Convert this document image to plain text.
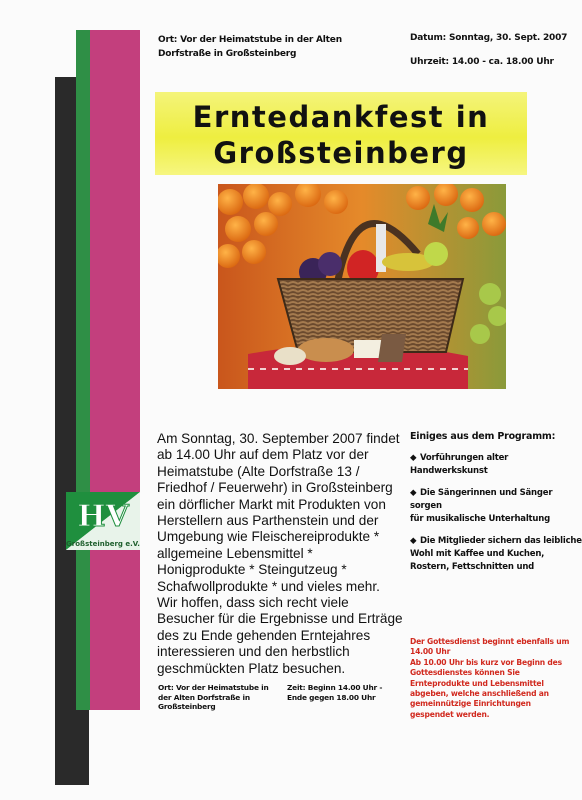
Ort: Vor der Heimatstube in der Alten Dorfstraße in Großsteinberg
Datum: Sonntag, 30. Sept. 2007
Uhrzeit: 14.00 - ca. 18.00 Uhr
Erntedankfest in
Großsteinberg

Am Sonntag, 30. September 2007 findet ab 14.00 Uhr auf dem Platz vor der Heimatstube (Alte Dorfstraße 13 / Friedhof / Feuerwehr) in Großsteinberg ein dörflicher Markt mit Produkten von Herstellern aus Parthenstein und der Umgebung wie Fleischereiprodukte * allgemeine Lebensmittel * Honigprodukte * Steingutzeug * Schafwollprodukte * und vieles mehr.

Wir hoffen, dass sich recht viele Besucher für die Ergebnisse und Erträge des zu Ende gehenden Erntejahres interessieren und den herbstlich geschmückten Platz besuchen.

Einiges aus dem Programm:
◆ Vorführungen alter
Handwerkskunst
◆ Die Sängerinnen und Sänger sorgen
für musikalische Unterhaltung
◆ Die Mitglieder sichern das leibliche
Wohl mit Kaffee und Kuchen,
Rostern, Fettschnitten und
Der Gottesdienst beginnt ebenfalls um 14.00 Uhr
Ab 10.00 Uhr bis kurz vor Beginn des Gottesdienstes können Sie Ernteprodukte und Lebensmittel abgeben, welche anschließend an gemeinnützige Einrichtungen gespendet werden.
Ort: Vor der Heimatstube in der Alten Dorfstraße in Großsteinberg
Zeit: Beginn 14.00 Uhr - Ende gegen 18.00 Uhr
HV
Großsteinberg e.V.
